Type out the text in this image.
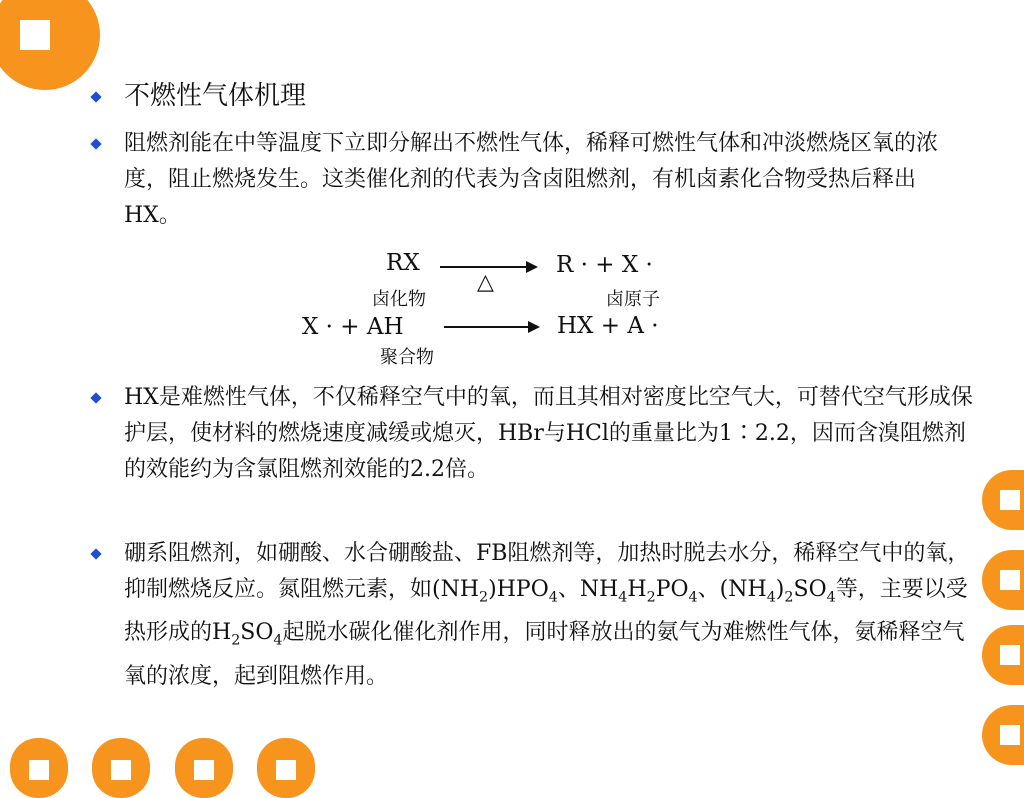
不燃性气体机理

阻燃剂能在中等温度下立即分解出不燃性气体，稀释可燃性气体和冲淡燃烧区氧的浓度，阻止燃烧发生。这类催化剂的代表为含卤阻燃剂，有机卤素化合物受热后释出HX。

RX
△
R · + X ·
卤化物	卤原子
X · + AH	HX + A ·
聚合物

HX是难燃性气体，不仅稀释空气中的氧，而且其相对密度比空气大，可替代空气形成保护层，使材料的燃烧速度减缓或熄灭，HBr与HCl的重量比为1∶2.2，因而含溴阻燃剂的效能约为含氯阻燃剂效能的2.2倍。

硼系阻燃剂，如硼酸、水合硼酸盐、FB阻燃剂等，加热时脱去水分，稀释空气中的氧，抑制燃烧反应。氮阻燃元素，如$(NH_2)HPO_4$、$NH_4H_2PO_4$、$(NH_4)_2SO_4$等，主要以受热形成的$H_2SO_4$起脱水碳化催化剂作用，同时释放出的氨气为难燃性气体，氨稀释空气氧的浓度，起到阻燃作用。
